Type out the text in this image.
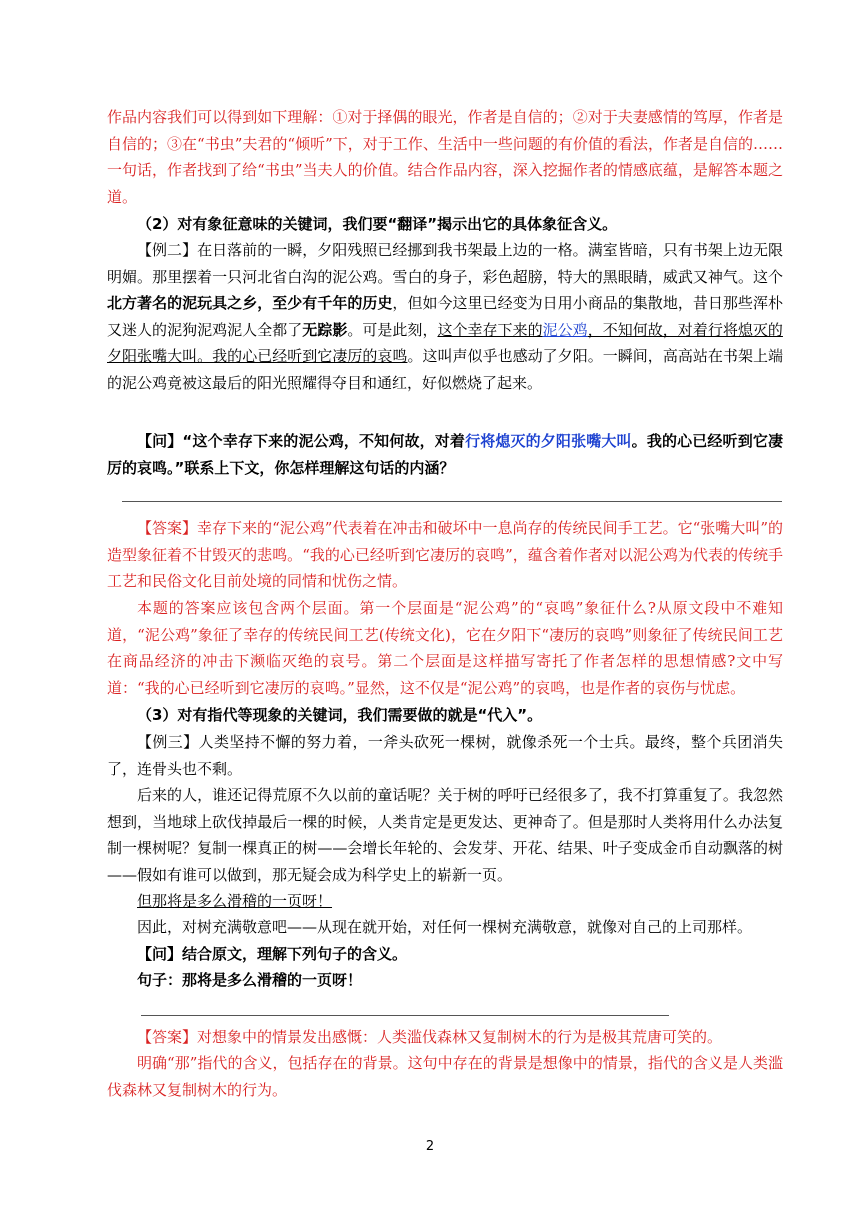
作品内容我们可以得到如下理解：①对于择偶的眼光，作者是自信的；②对于夫妻感情的笃厚，作者是自信的；③在“书虫”夫君的“倾听”下，对于工作、生活中一些问题的有价值的看法，作者是自信的……一句话，作者找到了给“书虫”当夫人的价值。结合作品内容，深入挖掘作者的情感底蕴，是解答本题之道。

（2）对有象征意味的关键词，我们要“翻译”揭示出它的具体象征含义。

【例二】在日落前的一瞬，夕阳残照已经挪到我书架最上边的一格。满室皆暗，只有书架上边无限明媚。那里摆着一只河北省白沟的泥公鸡。雪白的身子，彩色超膀，特大的黑眼睛，威武又神气。这个北方著名的泥玩具之乡，至少有千年的历史，但如今这里已经变为日用小商品的集散地，昔日那些浑朴又迷人的泥狗泥鸡泥人全都了无踪影。可是此刻，这个幸存下来的泥公鸡，不知何故，对着行将熄灭的夕阳张嘴大叫。我的心已经听到它凄厉的哀鸣。这叫声似乎也感动了夕阳。一瞬间，高高站在书架上端的泥公鸡竟被这最后的阳光照耀得夺目和通红，好似燃烧了起来。

【问】“这个幸存下来的泥公鸡，不知何故，对着行将熄灭的夕阳张嘴大叫。我的心已经听到它凄厉的哀鸣。”联系上下文，你怎样理解这句话的内涵？

【答案】幸存下来的“泥公鸡”代表着在冲击和破坏中一息尚存的传统民间手工艺。它“张嘴大叫”的造型象征着不甘毁灭的悲鸣。“我的心已经听到它凄厉的哀鸣”，蕴含着作者对以泥公鸡为代表的传统手工艺和民俗文化目前处境的同情和忧伤之情。

本题的答案应该包含两个层面。第一个层面是“泥公鸡”的“哀鸣”象征什么?从原文段中不难知道，“泥公鸡”象征了幸存的传统民间工艺(传统文化)，它在夕阳下“凄厉的哀鸣”则象征了传统民间工艺在商品经济的冲击下濒临灭绝的哀号。第二个层面是这样描写寄托了作者怎样的思想情感?文中写道：“我的心已经听到它凄厉的哀鸣。”显然，这不仅是“泥公鸡”的哀鸣，也是作者的哀伤与忧虑。

（3）对有指代等现象的关键词，我们需要做的就是“代入”。

【例三】人类坚持不懈的努力着，一斧头砍死一棵树，就像杀死一个士兵。最终，整个兵团消失了，连骨头也不剩。

后来的人，谁还记得荒原不久以前的童话呢？关于树的呼吁已经很多了，我不打算重复了。我忽然想到，当地球上砍伐掉最后一棵的时候，人类肯定是更发达、更神奇了。但是那时人类将用什么办法复制一棵树呢？复制一棵真正的树——会增长年轮的、会发芽、开花、结果、叶子变成金币自动飘落的树——假如有谁可以做到，那无疑会成为科学史上的崭新一页。

但那将是多么滑稽的一页呀！

因此，对树充满敬意吧——从现在就开始，对任何一棵树充满敬意，就像对自己的上司那样。

【问】结合原文，理解下列句子的含义。

句子：那将是多么滑稽的一页呀！

【答案】对想象中的情景发出感慨：人类滥伐森林又复制树木的行为是极其荒唐可笑的。

明确“那”指代的含义，包括存在的背景。这句中存在的背景是想像中的情景，指代的含义是人类滥伐森林又复制树木的行为。

2
